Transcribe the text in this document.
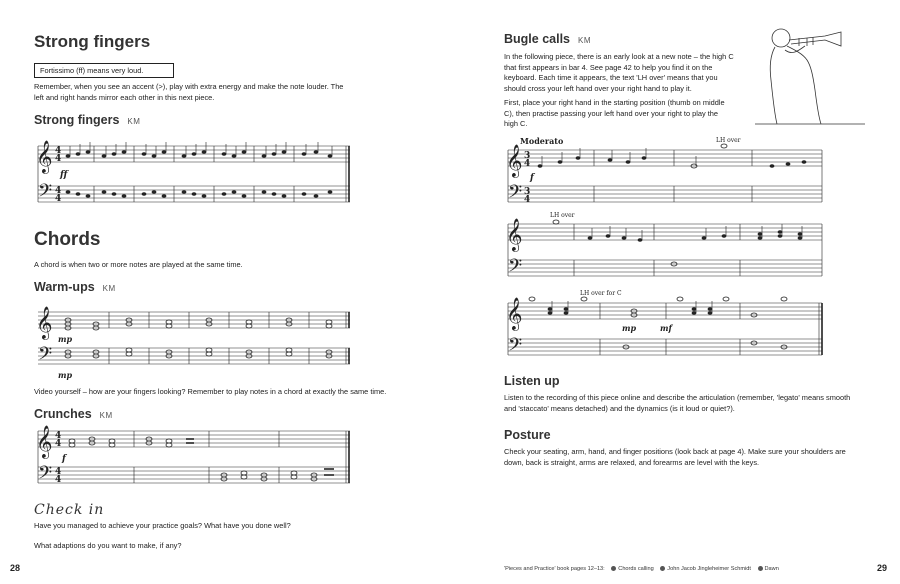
Strong fingers
Fortissimo (ff) means very loud.
Remember, when you see an accent (>), play with extra energy and make the note louder. The left and right hands mirror each other in this next piece.
Strong fingers KM
𝄞
𝄢
4
4
4
4
ff
Chords
A chord is when two or more notes are played at the same time.
Warm-ups KM
𝄞
𝄢
mp
mp
Video yourself – how are your fingers looking? Remember to play notes in a chord at exactly the same time.
Crunches KM
𝄞
𝄢
4
4
4
4
f
Check in
Have you managed to achieve your practice goals? What have you done well?
What adaptions do you want to make, if any?
28
Bugle calls KM
In the following piece, there is an early look at a new note – the high C that first appears in bar 4. See page 42 to help you find it on the keyboard. Each time it appears, the text 'LH over' means that you should cross your left hand over your right hand to play it.
First, place your right hand in the starting position (thumb on middle C), then practise passing your left hand over your right to play the high C.
Moderato	LH over
𝄞
𝄢
3
4
3
4
f
LH over
𝄞
𝄢
LH over for C
𝄞
𝄢
mp	mf
Listen up
Listen to the recording of this piece online and describe the articulation (remember, 'legato' means smooth and 'staccato' means detached) and the dynamics (is it loud or quiet?).
Posture
Check your seating, arm, hand, and finger positions (look back at page 4). Make sure your shoulders are down, back is straight, arms are relaxed, and forearms are level with the keys.
'Pieces and Practice' book pages 12–13: Chords calling John Jacob Jingleheimer Schmidt Dawn	29
